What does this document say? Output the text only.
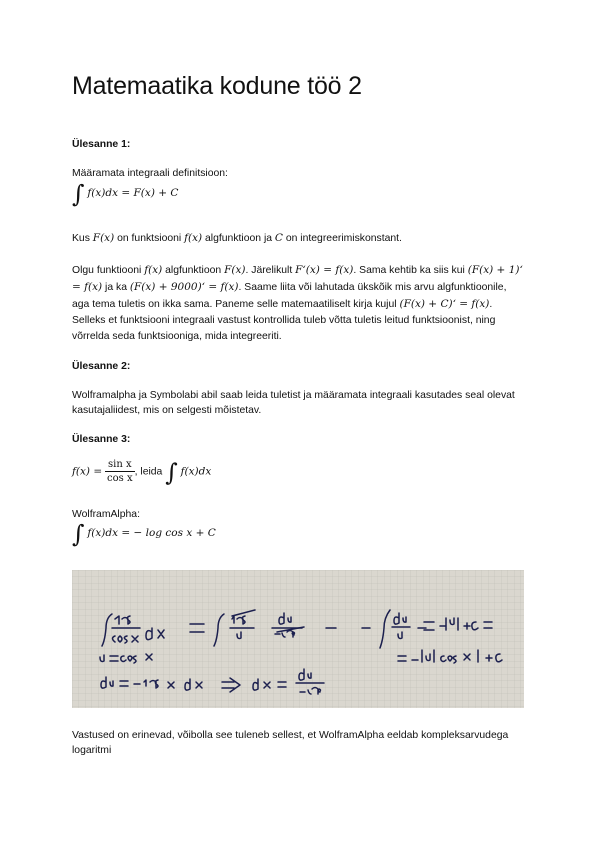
Matemaatika kodune töö 2

Ülesanne 1:

Määramata integraali definitsioon:

∫ f(x)dx = F(x) + C

Kus F(x) on funktsiooni f(x) algfunktioon ja C on integreerimiskonstant.

Olgu funktiooni f(x) algfunktioon F(x). Järelikult F‘(x) = f(x). Sama kehtib ka siis kui (F(x) + 1)‘ = f(x) ja ka (F(x) + 9000)‘ = f(x). Saame liita või lahutada ükskõik mis arvu algfunktioonile, aga tema tuletis on ikka sama. Paneme selle matemaatiliselt kirja kujul (F(x) + C)‘ = f(x). Selleks et funktsiooni integraali vastust kontrollida tuleb võtta tuletis leitud funktsioonist, ning võrrelda seda funktsiooniga, mida integreeriti.

Ülesanne 2:

Wolframalpha ja Symbolabi abil saab leida tuletist ja määramata integraali kasutades seal olevat kasutajaliidest, mis on selgesti mõistetav.

Ülesanne 3:

$f(x) = \frac{\text{sin x}}{\text{cos x}}$ , leida ∫ f(x)dx

WolframAlpha:

∫ f(x)dx = − log cos x + C

Vastused on erinevad, võibolla see tuleneb sellest, et WolframAlpha eeldab kompleksarvudega logaritmi
